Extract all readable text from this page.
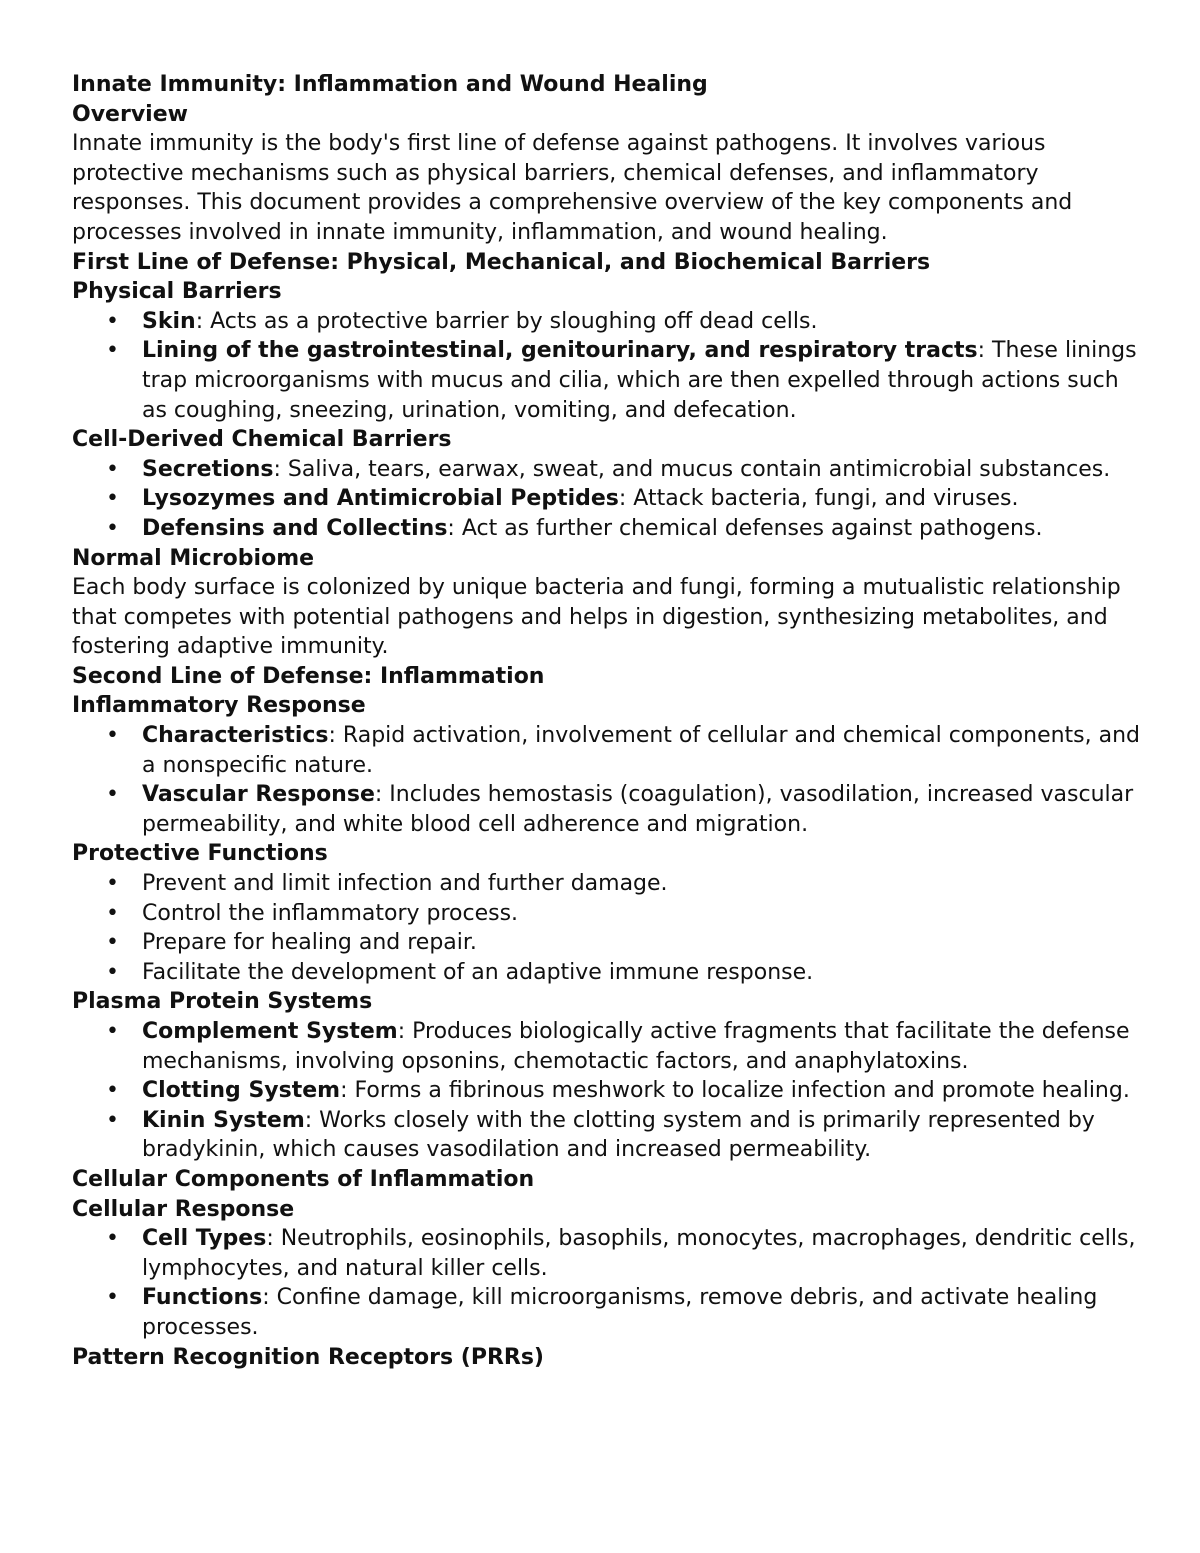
Innate Immunity: Inflammation and Wound Healing
Overview

Innate immunity is the body's first line of defense against pathogens. It involves various protective mechanisms such as physical barriers, chemical defenses, and inflammatory responses. This document provides a comprehensive overview of the key components and processes involved in innate immunity, inflammation, and wound healing.

First Line of Defense: Physical, Mechanical, and Biochemical Barriers
Physical Barriers
• Skin: Acts as a protective barrier by sloughing off dead cells.
• Lining of the gastrointestinal, genitourinary, and respiratory tracts: These linings trap microorganisms with mucus and cilia, which are then expelled through actions such as coughing, sneezing, urination, vomiting, and defecation.
Cell-Derived Chemical Barriers
• Secretions: Saliva, tears, earwax, sweat, and mucus contain antimicrobial substances.
• Lysozymes and Antimicrobial Peptides: Attack bacteria, fungi, and viruses.
• Defensins and Collectins: Act as further chemical defenses against pathogens.
Normal Microbiome

Each body surface is colonized by unique bacteria and fungi, forming a mutualistic relationship that competes with potential pathogens and helps in digestion, synthesizing metabolites, and fostering adaptive immunity.

Second Line of Defense: Inflammation
Inflammatory Response
• Characteristics: Rapid activation, involvement of cellular and chemical components, and a nonspecific nature.
• Vascular Response: Includes hemostasis (coagulation), vasodilation, increased vascular permeability, and white blood cell adherence and migration.
Protective Functions
• Prevent and limit infection and further damage.
• Control the inflammatory process.
• Prepare for healing and repair.
• Facilitate the development of an adaptive immune response.
Plasma Protein Systems
• Complement System: Produces biologically active fragments that facilitate the defense mechanisms, involving opsonins, chemotactic factors, and anaphylatoxins.
• Clotting System: Forms a fibrinous meshwork to localize infection and promote healing.
• Kinin System: Works closely with the clotting system and is primarily represented by bradykinin, which causes vasodilation and increased permeability.
Cellular Components of Inflammation
Cellular Response
• Cell Types: Neutrophils, eosinophils, basophils, monocytes, macrophages, dendritic cells, lymphocytes, and natural killer cells.
• Functions: Confine damage, kill microorganisms, remove debris, and activate healing processes.
Pattern Recognition Receptors (PRRs)
